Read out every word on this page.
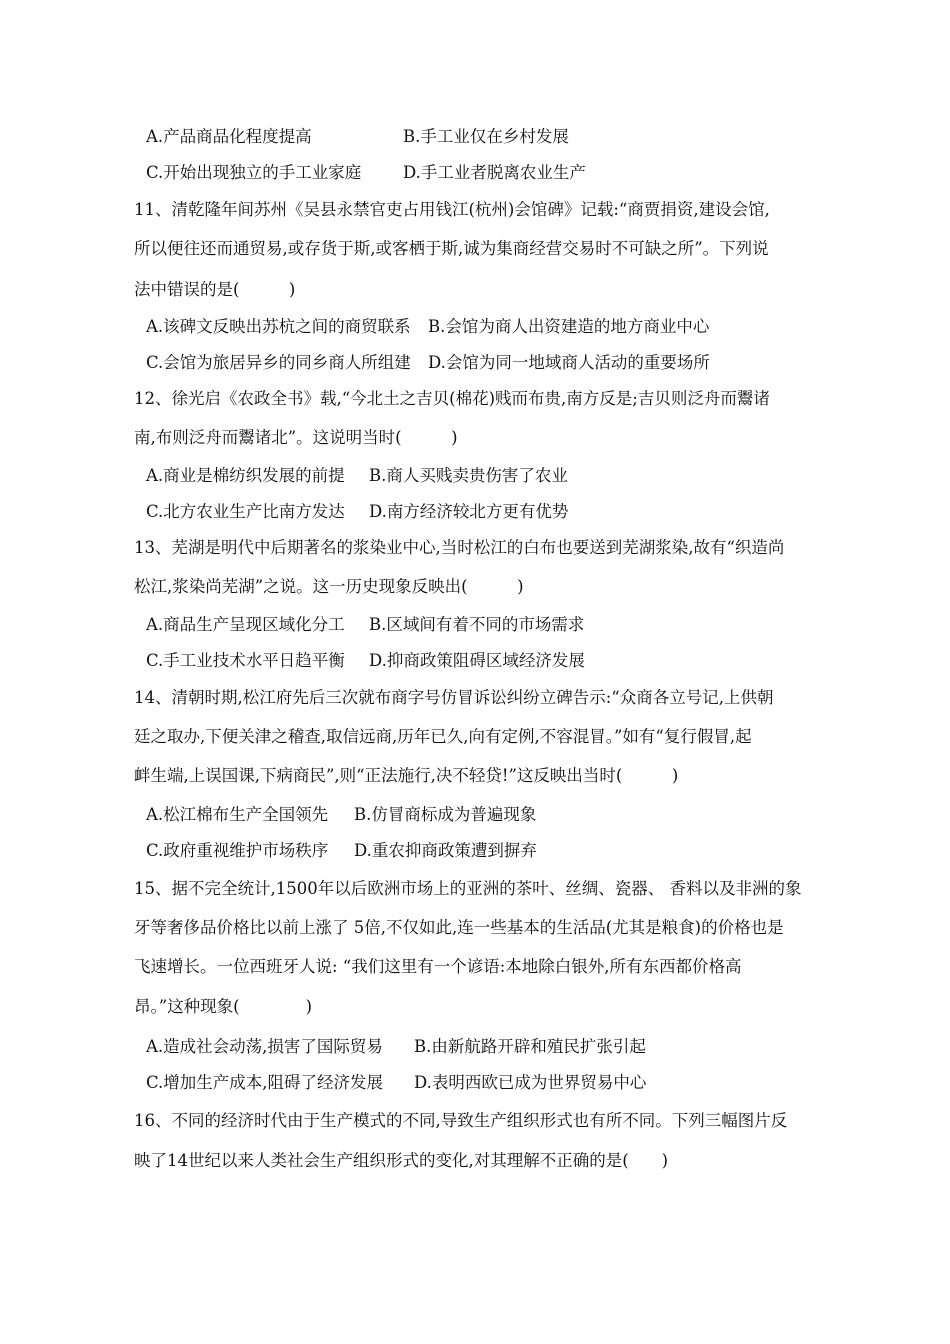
A.产品商品化程度提高	B.手工业仅在乡村发展
C.开始出现独立的手工业家庭	D.手工业者脱离农业生产
11、清乾隆年间苏州《吴县永禁官吏占用钱江(杭州)会馆碑》记载:“商贾捐资,建设会馆,
所以便往还而通贸易,或存货于斯,或客栖于斯,诚为集商经营交易时不可缺之所”。下列说
法中错误的是(　　　)
A.该碑文反映出苏杭之间的商贸联系 B.会馆为商人出资建造的地方商业中心
C.会馆为旅居异乡的同乡商人所组建 D.会馆为同一地域商人活动的重要场所
12、徐光启《农政全书》载,“今北土之吉贝(棉花)贱而布贵,南方反是;吉贝则泛舟而鬻诸
南,布则泛舟而鬻诸北”。这说明当时(　　　)
A.商业是棉纺织发展的前提 B.商人买贱卖贵伤害了农业
C.北方农业生产比南方发达 D.南方经济较北方更有优势
13、芜湖是明代中后期著名的浆染业中心,当时松江的白布也要送到芜湖浆染,故有“织造尚
松江,浆染尚芜湖”之说。这一历史现象反映出(　　　)
A.商品生产呈现区域化分工 B.区域间有着不同的市场需求
C.手工业技术水平日趋平衡 D.抑商政策阻碍区域经济发展
14、清朝时期,松江府先后三次就布商字号仿冒诉讼纠纷立碑告示:“众商各立号记,上供朝
廷之取办,下便关津之稽查,取信远商,历年已久,向有定例,不容混冒。”如有“复行假冒,起
衅生端,上误国课,下病商民”,则“正法施行,决不轻贷!”这反映出当时(　　　)
A.松江棉布生产全国领先 B.仿冒商标成为普遍现象
C.政府重视维护市场秩序 D.重农抑商政策遭到摒弃
15、据不完全统计,1500年以后欧洲市场上的亚洲的茶叶、丝绸、瓷器、 香料以及非洲的象
牙等奢侈品价格比以前上涨了 5倍,不仅如此,连一些基本的生活品(尤其是粮食)的价格也是
飞速增长。一位西班牙人说: “我们这里有一个谚语:本地除白银外,所有东西都价格高
昂。”这种现象(　　　　)
A.造成社会动荡,损害了国际贸易 B.由新航路开辟和殖民扩张引起
C.增加生产成本,阻碍了经济发展 D.表明西欧已成为世界贸易中心
16、不同的经济时代由于生产模式的不同,导致生产组织形式也有所不同。下列三幅图片反
映了14世纪以来人类社会生产组织形式的变化,对其理解不正确的是(　　)
